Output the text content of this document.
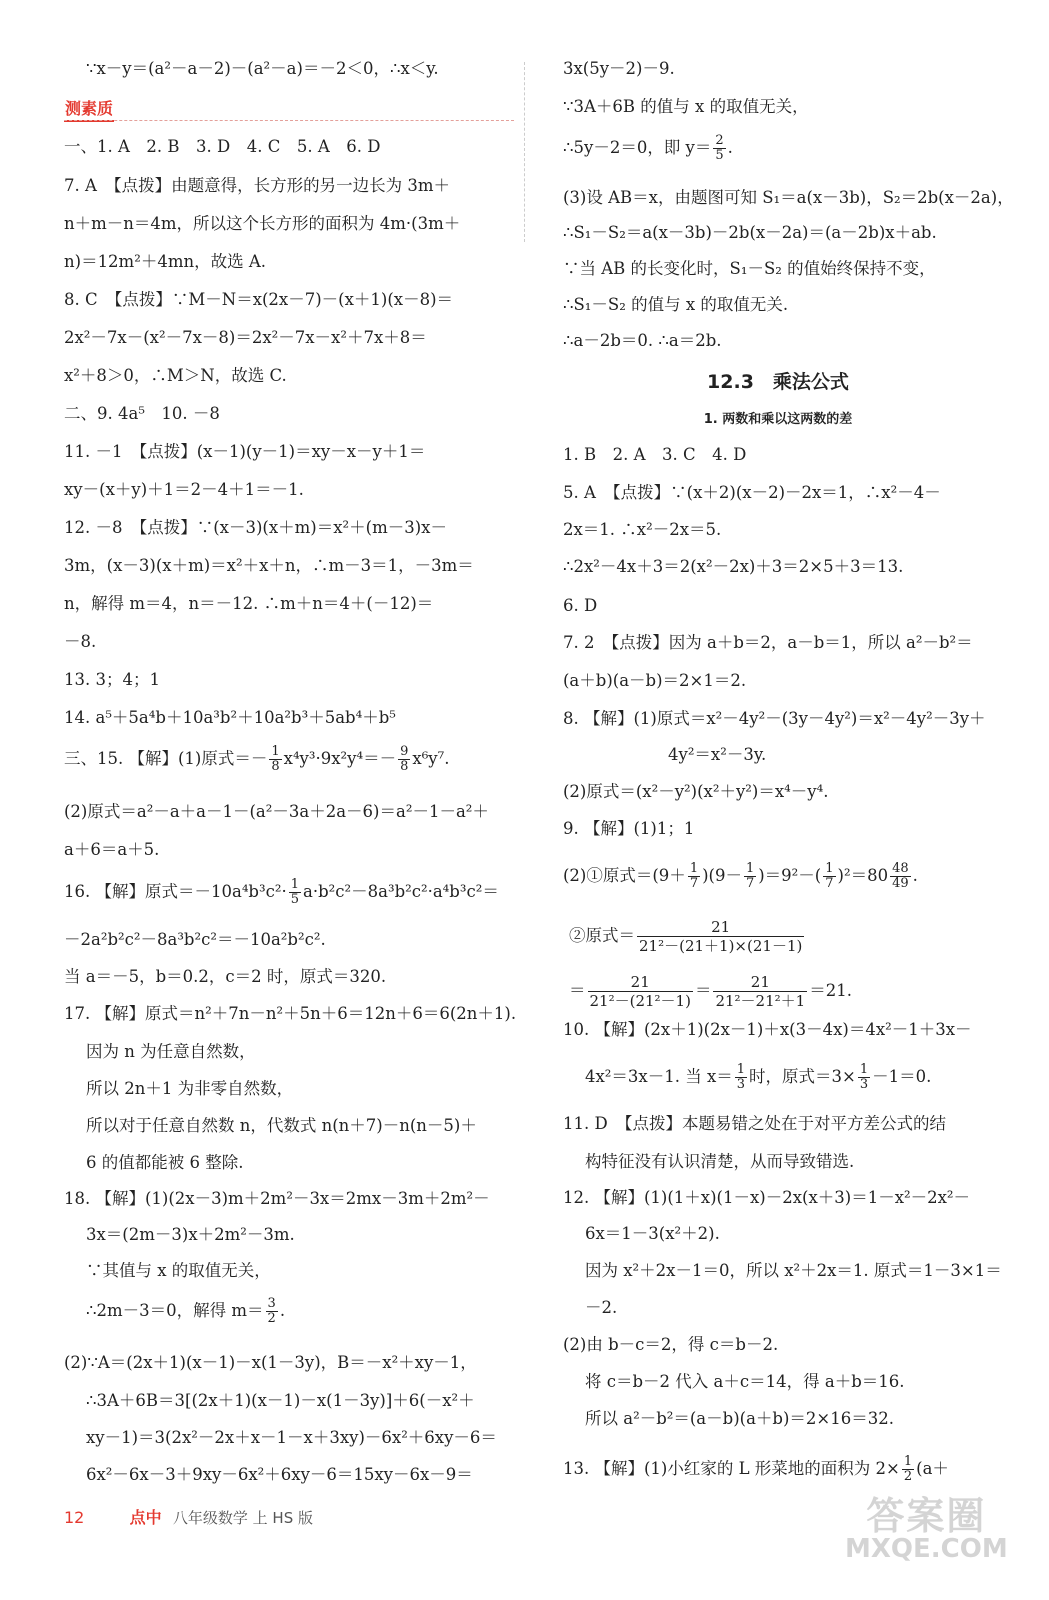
∵x－y＝(a²－a－2)－(a²－a)＝－2＜0，∴x＜y.
测素质
一、1. A　2. B　3. D　4. C　5. A　6. D
7. A　【点拨】由题意得，长方形的另一边长为 3m＋
n＋m－n＝4m，所以这个长方形的面积为 4m·(3m＋
n)＝12m²＋4mn，故选 A.
8. C　【点拨】∵M－N＝x(2x－7)－(x＋1)(x－8)＝
2x²－7x－(x²－7x－8)＝2x²－7x－x²＋7x＋8＝
x²＋8＞0，∴M＞N，故选 C.
二、9. 4a⁵　10. －8
11. －1　【点拨】(x－1)(y－1)＝xy－x－y＋1＝
xy－(x＋y)＋1＝2－4＋1＝－1.
12. －8　【点拨】∵(x－3)(x＋m)＝x²＋(m－3)x－
3m，(x－3)(x＋m)＝x²＋x＋n，∴m－3＝1，－3m＝
n，解得 m＝4，n＝－12. ∴m＋n＝4＋(－12)＝
－8.
13. 3；4；1
14. a⁵＋5a⁴b＋10a³b²＋10a²b³＋5ab⁴＋b⁵
三、15. 【解】(1)原式＝－ $\frac{1}{8} x^4y^3\cdot 9x^2y^4=- \frac{9}{8} x^6y^7$.
(2)原式＝a²－a＋a－1－(a²－3a＋2a－6)＝a²－1－a²＋
a＋6＝a＋5.
16. 【解】原式$=-10a^4b^3c^2\cdot \frac{1}{5} a\cdot b^2c^2-8a^3b^2c^2\cdot a^4b^3c^2=$
－2a²b²c²－8a³b²c²＝－10a²b²c².
当 a＝－5，b＝0.2，c＝2 时，原式＝320.
17. 【解】原式＝n²＋7n－n²＋5n＋6＝12n＋6＝6(2n＋1).
因为 n 为任意自然数，
所以 2n＋1 为非零自然数，
所以对于任意自然数 n，代数式 n(n＋7)－n(n－5)＋
6 的值都能被 6 整除.
18. 【解】(1)(2x－3)m＋2m²－3x＝2mx－3m＋2m²－
3x＝(2m－3)x＋2m²－3m.
∵其值与 x 的取值无关，
∴2m－3＝0，解得 $m= \frac{3}{2}$ .
(2)∵A＝(2x＋1)(x－1)－x(1－3y)，B＝－x²＋xy－1，
∴3A＋6B＝3[(2x＋1)(x－1)－x(1－3y)]＋6(－x²＋
xy－1)＝3(2x²－2x＋x－1－x＋3xy)－6x²＋6xy－6＝
6x²－6x－3＋9xy－6x²＋6xy－6＝15xy－6x－9＝
3x(5y－2)－9.
∵3A＋6B 的值与 x 的取值无关，
∴5y－2＝0，即 $y= \frac{2}{5}$ .
(3)设 AB＝x，由题图可知 S₁＝a(x－3b)，S₂＝2b(x－2a)，
∴S₁－S₂＝a(x－3b)－2b(x－2a)＝(a－2b)x＋ab.
∵当 AB 的长变化时，S₁－S₂ 的值始终保持不变，
∴S₁－S₂ 的值与 x 的取值无关.
∴a－2b＝0. ∴a＝2b.
12.3　乘法公式
1. 两数和乘以这两数的差
1. B　2. A　3. C　4. D
5. A　【点拨】∵(x＋2)(x－2)－2x＝1，∴x²－4－
2x＝1. ∴x²－2x＝5.
∴2x²－4x＋3＝2(x²－2x)＋3＝2×5＋3＝13.
6. D
7. 2　【点拨】因为 a＋b＝2，a－b＝1，所以 a²－b²＝
(a＋b)(a－b)＝2×1＝2.
8. 【解】(1)原式＝x²－4y²－(3y－4y²)＝x²－4y²－3y＋
4y²＝x²－3y.
(2)原式＝(x²－y²)(x²＋y²)＝x⁴－y⁴.
9. 【解】(1)1；1
(2)①原式$=(9+ \frac{1}{7} )(9- \frac{1}{7} )=9^2-( \frac{1}{7} )^2=80 \frac{48}{49}$ .
②原式＝ $\frac{21}{\text{21²－(21＋1)×(21－1)}}$
＝ $\frac{21}{\text{21²－(21²－1)}} = \frac{21}{\text{21²－21²＋1}} =21$.
10. 【解】(2x＋1)(2x－1)＋x(3－4x)＝4x²－1＋3x－
4x²＝3x－1. 当 $x= \frac{1}{3}$ 时，原式$=3\times \frac{1}{3} -1=0$.
11. D　【点拨】本题易错之处在于对平方差公式的结
构特征没有认识清楚，从而导致错选.
12. 【解】(1)(1＋x)(1－x)－2x(x＋3)＝1－x²－2x²－
6x＝1－3(x²＋2).
因为 x²＋2x－1＝0，所以 x²＋2x＝1. 原式＝1－3×1＝
－2.
(2)由 b－c＝2，得 c＝b－2.
将 c＝b－2 代入 a＋c＝14，得 a＋b＝16.
所以 a²－b²＝(a－b)(a＋b)＝2×16＝32.
13. 【解】(1)小红家的 L 形菜地的面积为 $2\times \frac{1}{2} (a+$
12	点中 八年级数学 上 HS 版	答案圈
MXQE.COM
